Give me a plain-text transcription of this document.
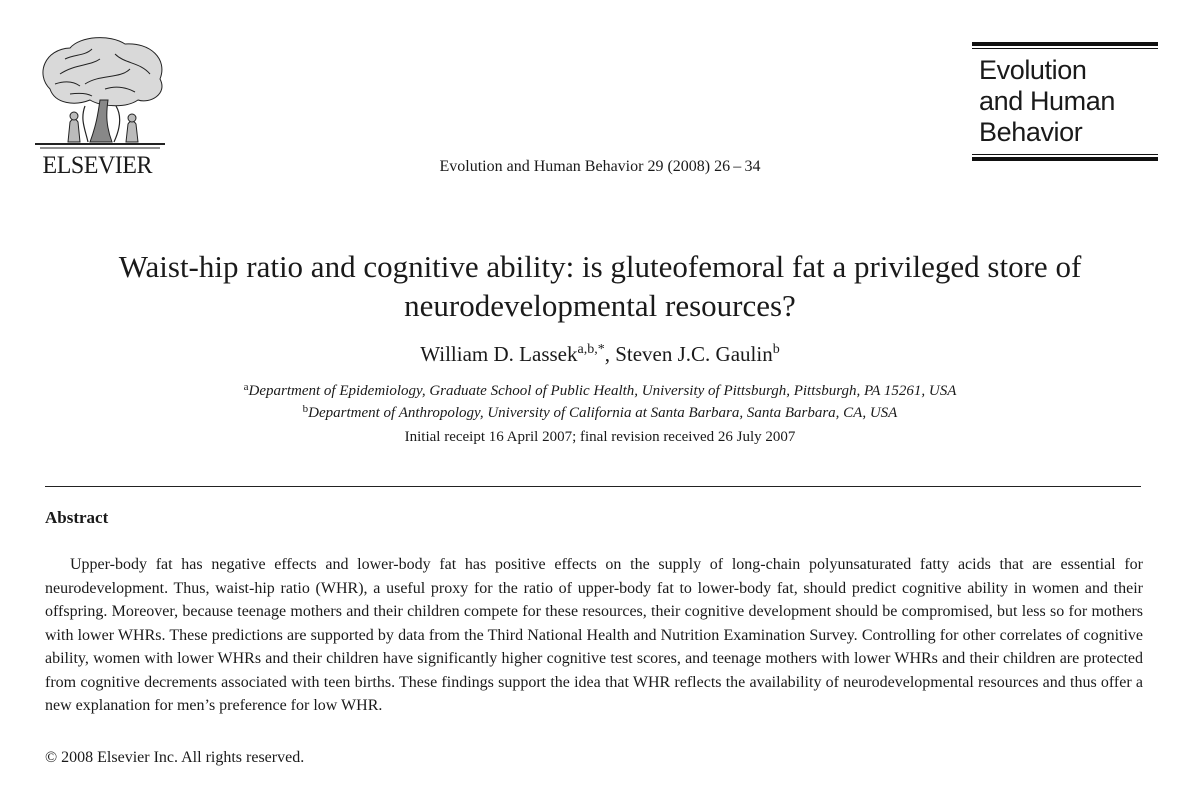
ELSEVIER	Evolution and Human Behavior 29 (2008) 26 – 34
Evolution
and Human
Behavior
Waist-hip ratio and cognitive ability: is gluteofemoral fat a privileged store of neurodevelopmental resources?
William D. Lassek$^{a,b,*}$, Steven J.C. Gaulin$^b$
$^a$Department of Epidemiology, Graduate School of Public Health, University of Pittsburgh, Pittsburgh, PA 15261, USA
$^b$Department of Anthropology, University of California at Santa Barbara, Santa Barbara, CA, USA
Initial receipt 16 April 2007; final revision received 26 July 2007
Abstract

Upper-body fat has negative effects and lower-body fat has positive effects on the supply of long-chain polyunsaturated fatty acids that are essential for neurodevelopment. Thus, waist-hip ratio (WHR), a useful proxy for the ratio of upper-body fat to lower-body fat, should predict cognitive ability in women and their offspring. Moreover, because teenage mothers and their children compete for these resources, their cognitive development should be compromised, but less so for mothers with lower WHRs. These predictions are supported by data from the Third National Health and Nutrition Examination Survey. Controlling for other correlates of cognitive ability, women with lower WHRs and their children have significantly higher cognitive test scores, and teenage mothers with lower WHRs and their children are protected from cognitive decrements associated with teen births. These findings support the idea that WHR reflects the availability of neurodevelopmental resources and thus offer a new explanation for men’s preference for low WHR.

© 2008 Elsevier Inc. All rights reserved.
